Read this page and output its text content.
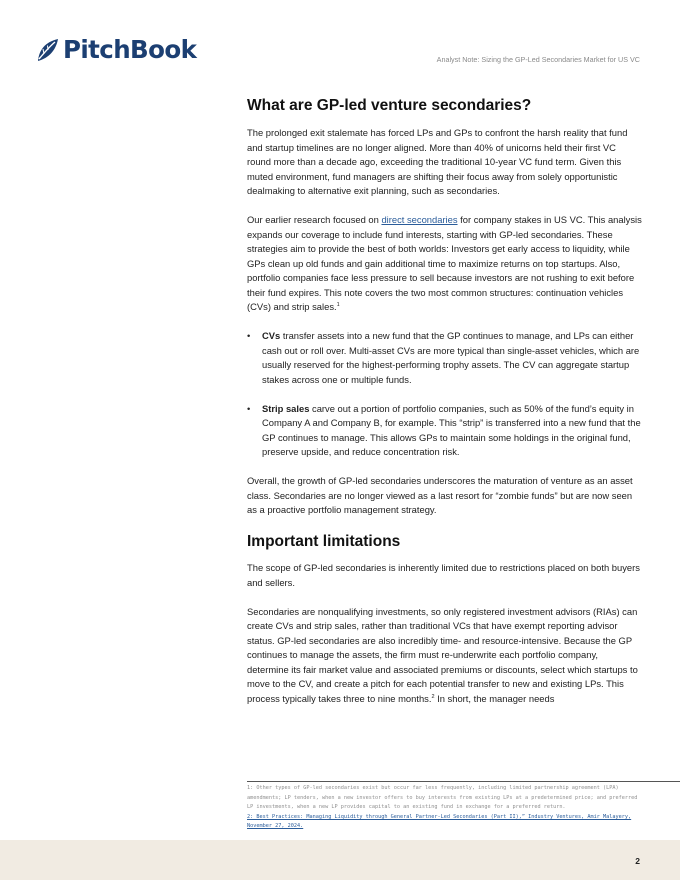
PitchBook	Analyst Note: Sizing the GP-Led Secondaries Market for US VC
What are GP-led venture secondaries?

The prolonged exit stalemate has forced LPs and GPs to confront the harsh reality that fund and startup timelines are no longer aligned. More than 40% of unicorns held their first VC round more than a decade ago, exceeding the traditional 10-year VC fund term. Given this muted environment, fund managers are shifting their focus away from solely opportunistic dealmaking to alternative exit planning, such as secondaries.

Our earlier research focused on direct secondaries for company stakes in US VC. This analysis expands our coverage to include fund interests, starting with GP-led secondaries. These strategies aim to provide the best of both worlds: Investors get early access to liquidity, while GPs clean up old funds and gain additional time to maximize returns on top startups. Also, portfolio companies face less pressure to sell because investors are not rushing to exit before their fund expires. This note covers the two most common structures: continuation vehicles (CVs) and strip sales.$^1$

• CVs transfer assets into a new fund that the GP continues to manage, and LPs can either cash out or roll over. Multi-asset CVs are more typical than single-asset vehicles, which are usually reserved for the highest-performing trophy assets. The CV can aggregate startup stakes across one or multiple funds.
• Strip sales carve out a portion of portfolio companies, such as 50% of the fund’s equity in Company A and Company B, for example. This “strip” is transferred into a new fund that the GP continues to manage. This allows GPs to maintain some holdings in the original fund, preserve upside, and reduce concentration risk.

Overall, the growth of GP-led secondaries underscores the maturation of venture as an asset class. Secondaries are no longer viewed as a last resort for “zombie funds” but are now seen as a proactive portfolio management strategy.

Important limitations

The scope of GP-led secondaries is inherently limited due to restrictions placed on both buyers and sellers.

Secondaries are nonqualifying investments, so only registered investment advisors (RIAs) can create CVs and strip sales, rather than traditional VCs that have exempt reporting advisor status. GP-led secondaries are also incredibly time- and resource-intensive. Because the GP continues to manage the assets, the firm must re-underwrite each portfolio company, determine its fair market value and associated premiums or discounts, select which startups to move to the CV, and create a pitch for each potential transfer to new and existing LPs. This process typically takes three to nine months.$^2$ In short, the manager needs

1: Other types of GP-led secondaries exist but occur far less frequently, including limited partnership agreement (LPA) amendments; LP tenders, when a new investor offers to buy interests from existing LPs at a predetermined price; and preferred LP investments, when a new LP provides capital to an existing fund in exchange for a preferred return.
2: Best Practices: Managing Liquidity through General Partner-Led Secondaries (Part II),” Industry Ventures, Amir Malayery, November 27, 2024.
2
